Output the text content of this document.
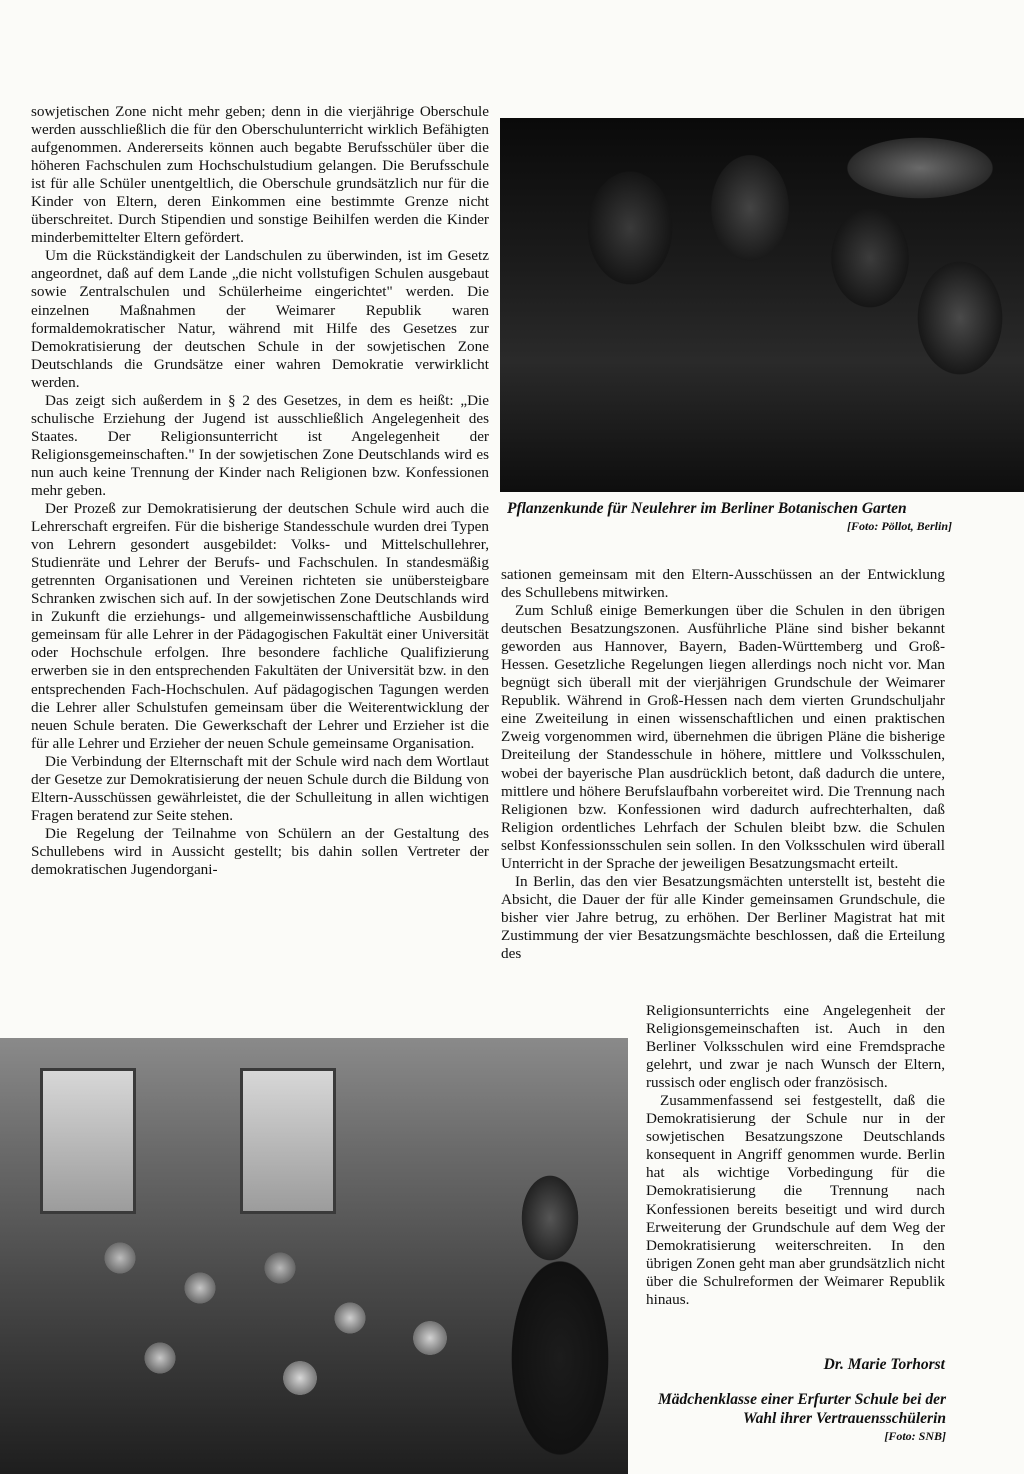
sowjetischen Zone nicht mehr geben; denn in die vierjährige Oberschule werden ausschließlich die für den Oberschulunterricht wirklich Befähigten aufgenommen. Andererseits können auch begabte Berufsschüler über die höheren Fachschulen zum Hochschulstudium gelangen. Die Berufsschule ist für alle Schüler unentgeltlich, die Oberschule grundsätzlich nur für die Kinder von Eltern, deren Einkommen eine bestimmte Grenze nicht überschreitet. Durch Stipendien und sonstige Beihilfen werden die Kinder minderbemittelter Eltern gefördert.

Um die Rückständigkeit der Landschulen zu überwinden, ist im Gesetz angeordnet, daß auf dem Lande „die nicht vollstufigen Schulen ausgebaut sowie Zentralschulen und Schülerheime eingerichtet" werden. Die einzelnen Maßnahmen der Weimarer Republik waren formaldemokratischer Natur, während mit Hilfe des Gesetzes zur Demokratisierung der deutschen Schule in der sowjetischen Zone Deutschlands die Grundsätze einer wahren Demokratie verwirklicht werden.

Das zeigt sich außerdem in § 2 des Gesetzes, in dem es heißt: „Die schulische Erziehung der Jugend ist ausschließlich Angelegenheit des Staates. Der Religionsunterricht ist Angelegenheit der Religionsgemeinschaften." In der sowjetischen Zone Deutschlands wird es nun auch keine Trennung der Kinder nach Religionen bzw. Konfessionen mehr geben.

Der Prozeß zur Demokratisierung der deutschen Schule wird auch die Lehrerschaft ergreifen. Für die bisherige Standesschule wurden drei Typen von Lehrern gesondert ausgebildet: Volks- und Mittelschullehrer, Studienräte und Lehrer der Berufs- und Fachschulen. In standesmäßig getrennten Organisationen und Vereinen richteten sie unübersteigbare Schranken zwischen sich auf. In der sowjetischen Zone Deutschlands wird in Zukunft die erziehungs- und allgemeinwissenschaftliche Ausbildung gemeinsam für alle Lehrer in der Pädagogischen Fakultät einer Universität oder Hochschule erfolgen. Ihre besondere fachliche Qualifizierung erwerben sie in den entsprechenden Fakultäten der Universität bzw. in den entsprechenden Fach-Hochschulen. Auf pädagogischen Tagungen werden die Lehrer aller Schulstufen gemeinsam über die Weiterentwicklung der neuen Schule beraten. Die Gewerkschaft der Lehrer und Erzieher ist die für alle Lehrer und Erzieher der neuen Schule gemeinsame Organisation.

Die Verbindung der Elternschaft mit der Schule wird nach dem Wortlaut der Gesetze zur Demokratisierung der neuen Schule durch die Bildung von Eltern-Ausschüssen gewährleistet, die der Schulleitung in allen wichtigen Fragen beratend zur Seite stehen.

Die Regelung der Teilnahme von Schülern an der Gestaltung des Schullebens wird in Aussicht gestellt; bis dahin sollen Vertreter der demokratischen Jugendorgani-

Pflanzenkunde für Neulehrer im Berliner Botanischen Garten
[Foto: Pöllot, Berlin]

sationen gemeinsam mit den Eltern-Ausschüssen an der Entwicklung des Schullebens mitwirken.

Zum Schluß einige Bemerkungen über die Schulen in den übrigen deutschen Besatzungszonen. Ausführliche Pläne sind bisher bekannt geworden aus Hannover, Bayern, Baden-Württemberg und Groß-Hessen. Gesetzliche Regelungen liegen allerdings noch nicht vor. Man begnügt sich überall mit der vierjährigen Grundschule der Weimarer Republik. Während in Groß-Hessen nach dem vierten Grundschuljahr eine Zweiteilung in einen wissenschaftlichen und einen praktischen Zweig vorgenommen wird, übernehmen die übrigen Pläne die bisherige Dreiteilung der Standesschule in höhere, mittlere und Volksschulen, wobei der bayerische Plan ausdrücklich betont, daß dadurch die untere, mittlere und höhere Berufslaufbahn vorbereitet wird. Die Trennung nach Religionen bzw. Konfessionen wird dadurch aufrechterhalten, daß Religion ordentliches Lehrfach der Schulen bleibt bzw. die Schulen selbst Konfessionsschulen sein sollen. In den Volksschulen wird überall Unterricht in der Sprache der jeweiligen Besatzungsmacht erteilt.

In Berlin, das den vier Besatzungsmächten unterstellt ist, besteht die Absicht, die Dauer der für alle Kinder gemeinsamen Grundschule, die bisher vier Jahre betrug, zu erhöhen. Der Berliner Magistrat hat mit Zustimmung der vier Besatzungsmächte beschlossen, daß die Erteilung des

Religionsunterrichts eine Angelegenheit der Religionsgemeinschaften ist. Auch in den Berliner Volksschulen wird eine Fremdsprache gelehrt, und zwar je nach Wunsch der Eltern, russisch oder englisch oder französisch.

Zusammenfassend sei festgestellt, daß die Demokratisierung der Schule nur in der sowjetischen Besatzungszone Deutschlands konsequent in Angriff genommen wurde. Berlin hat als wichtige Vorbedingung für die Demokratisierung die Trennung nach Konfessionen bereits beseitigt und wird durch Erweiterung der Grundschule auf dem Weg der Demokratisierung weiterschreiten. In den übrigen Zonen geht man aber grundsätzlich nicht über die Schulreformen der Weimarer Republik hinaus.

Dr. Marie Torhorst
Mädchenklasse einer Erfurter Schule bei der Wahl ihrer Vertrauensschülerin
[Foto: SNB]
